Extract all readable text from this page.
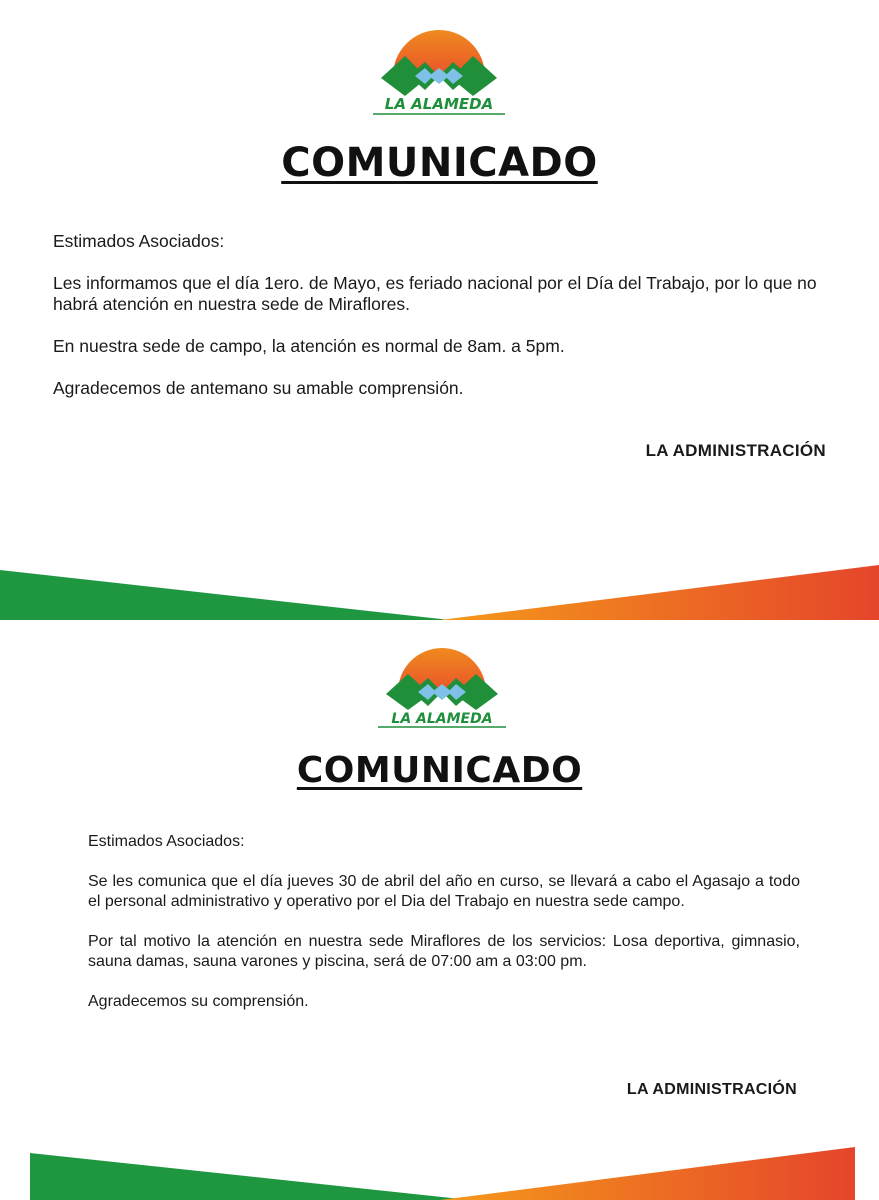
LA ALAMEDA
COMUNICADO

Estimados Asociados:

Les informamos que el día 1ero. de Mayo, es feriado nacional por el Día del Trabajo, por lo que no habrá atención en nuestra sede de Miraflores.

En nuestra sede de campo, la atención es normal de 8am. a 5pm.

Agradecemos de antemano su amable comprensión.

LA ADMINISTRACIÓN

LA ALAMEDA
COMUNICADO

Estimados Asociados:

Se les comunica que el día jueves 30 de abril del año en curso, se llevará a cabo el Agasajo a todo el personal administrativo y operativo por el Dia del Trabajo en nuestra sede campo.

Por tal motivo la atención en nuestra sede Miraflores de los servicios: Losa deportiva, gimnasio, sauna damas, sauna varones y piscina, será de 07:00 am a 03:00 pm.

Agradecemos su comprensión.

LA ADMINISTRACIÓN
